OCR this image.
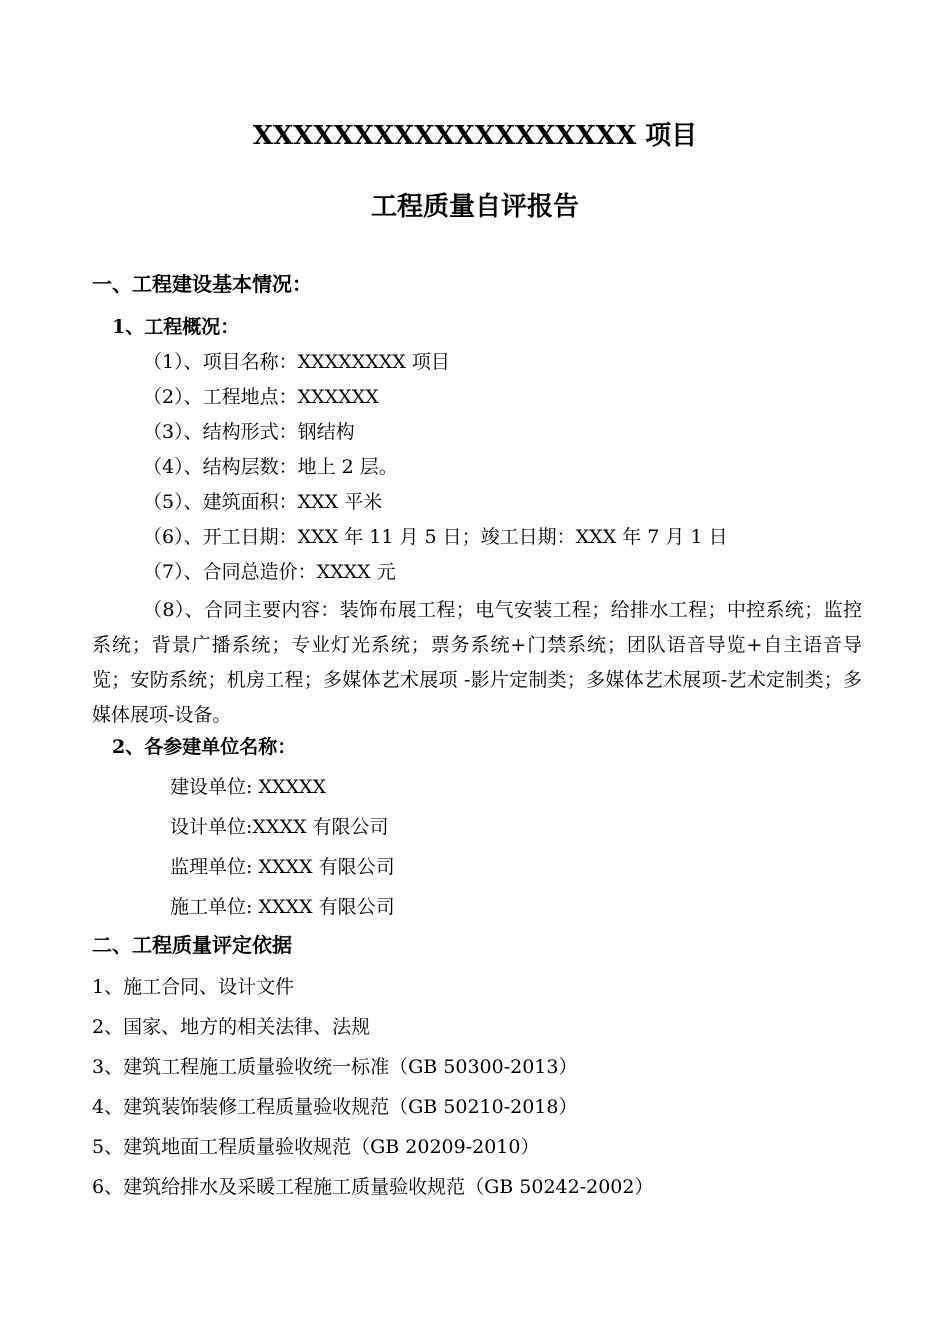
XXXXXXXXXXXXXXXXXXX 项目
工程质量自评报告

一、工程建设基本情况：

1、工程概况：

（1）、项目名称：XXXXXXXX 项目

（2）、工程地点：XXXXXX

（3）、结构形式：钢结构

（4）、结构层数：地上 2 层。

（5）、建筑面积：XXX 平米

（6）、开工日期：XXX 年 11 月 5 日；竣工日期：XXX 年 7 月 1 日

（7）、合同总造价：XXXX 元

（8）、合同主要内容：装饰布展工程；电气安装工程；给排水工程；中控系统；监控系统；背景广播系统；专业灯光系统；票务系统+门禁系统；团队语音导览+自主语音导览；安防系统；机房工程；多媒体艺术展项 -影片定制类；多媒体艺术展项-艺术定制类；多媒体展项-设备。

2、各参建单位名称：

建设单位: XXXXX

设计单位:XXXX 有限公司

监理单位: XXXX 有限公司

施工单位: XXXX 有限公司

二、工程质量评定依据

1、施工合同、设计文件

2、国家、地方的相关法律、法规

3、建筑工程施工质量验收统一标准（GB 50300-2013）

4、建筑装饰装修工程质量验收规范（GB 50210-2018）

5、建筑地面工程质量验收规范（GB 20209-2010）

6、建筑给排水及采暖工程施工质量验收规范（GB 50242-2002）
